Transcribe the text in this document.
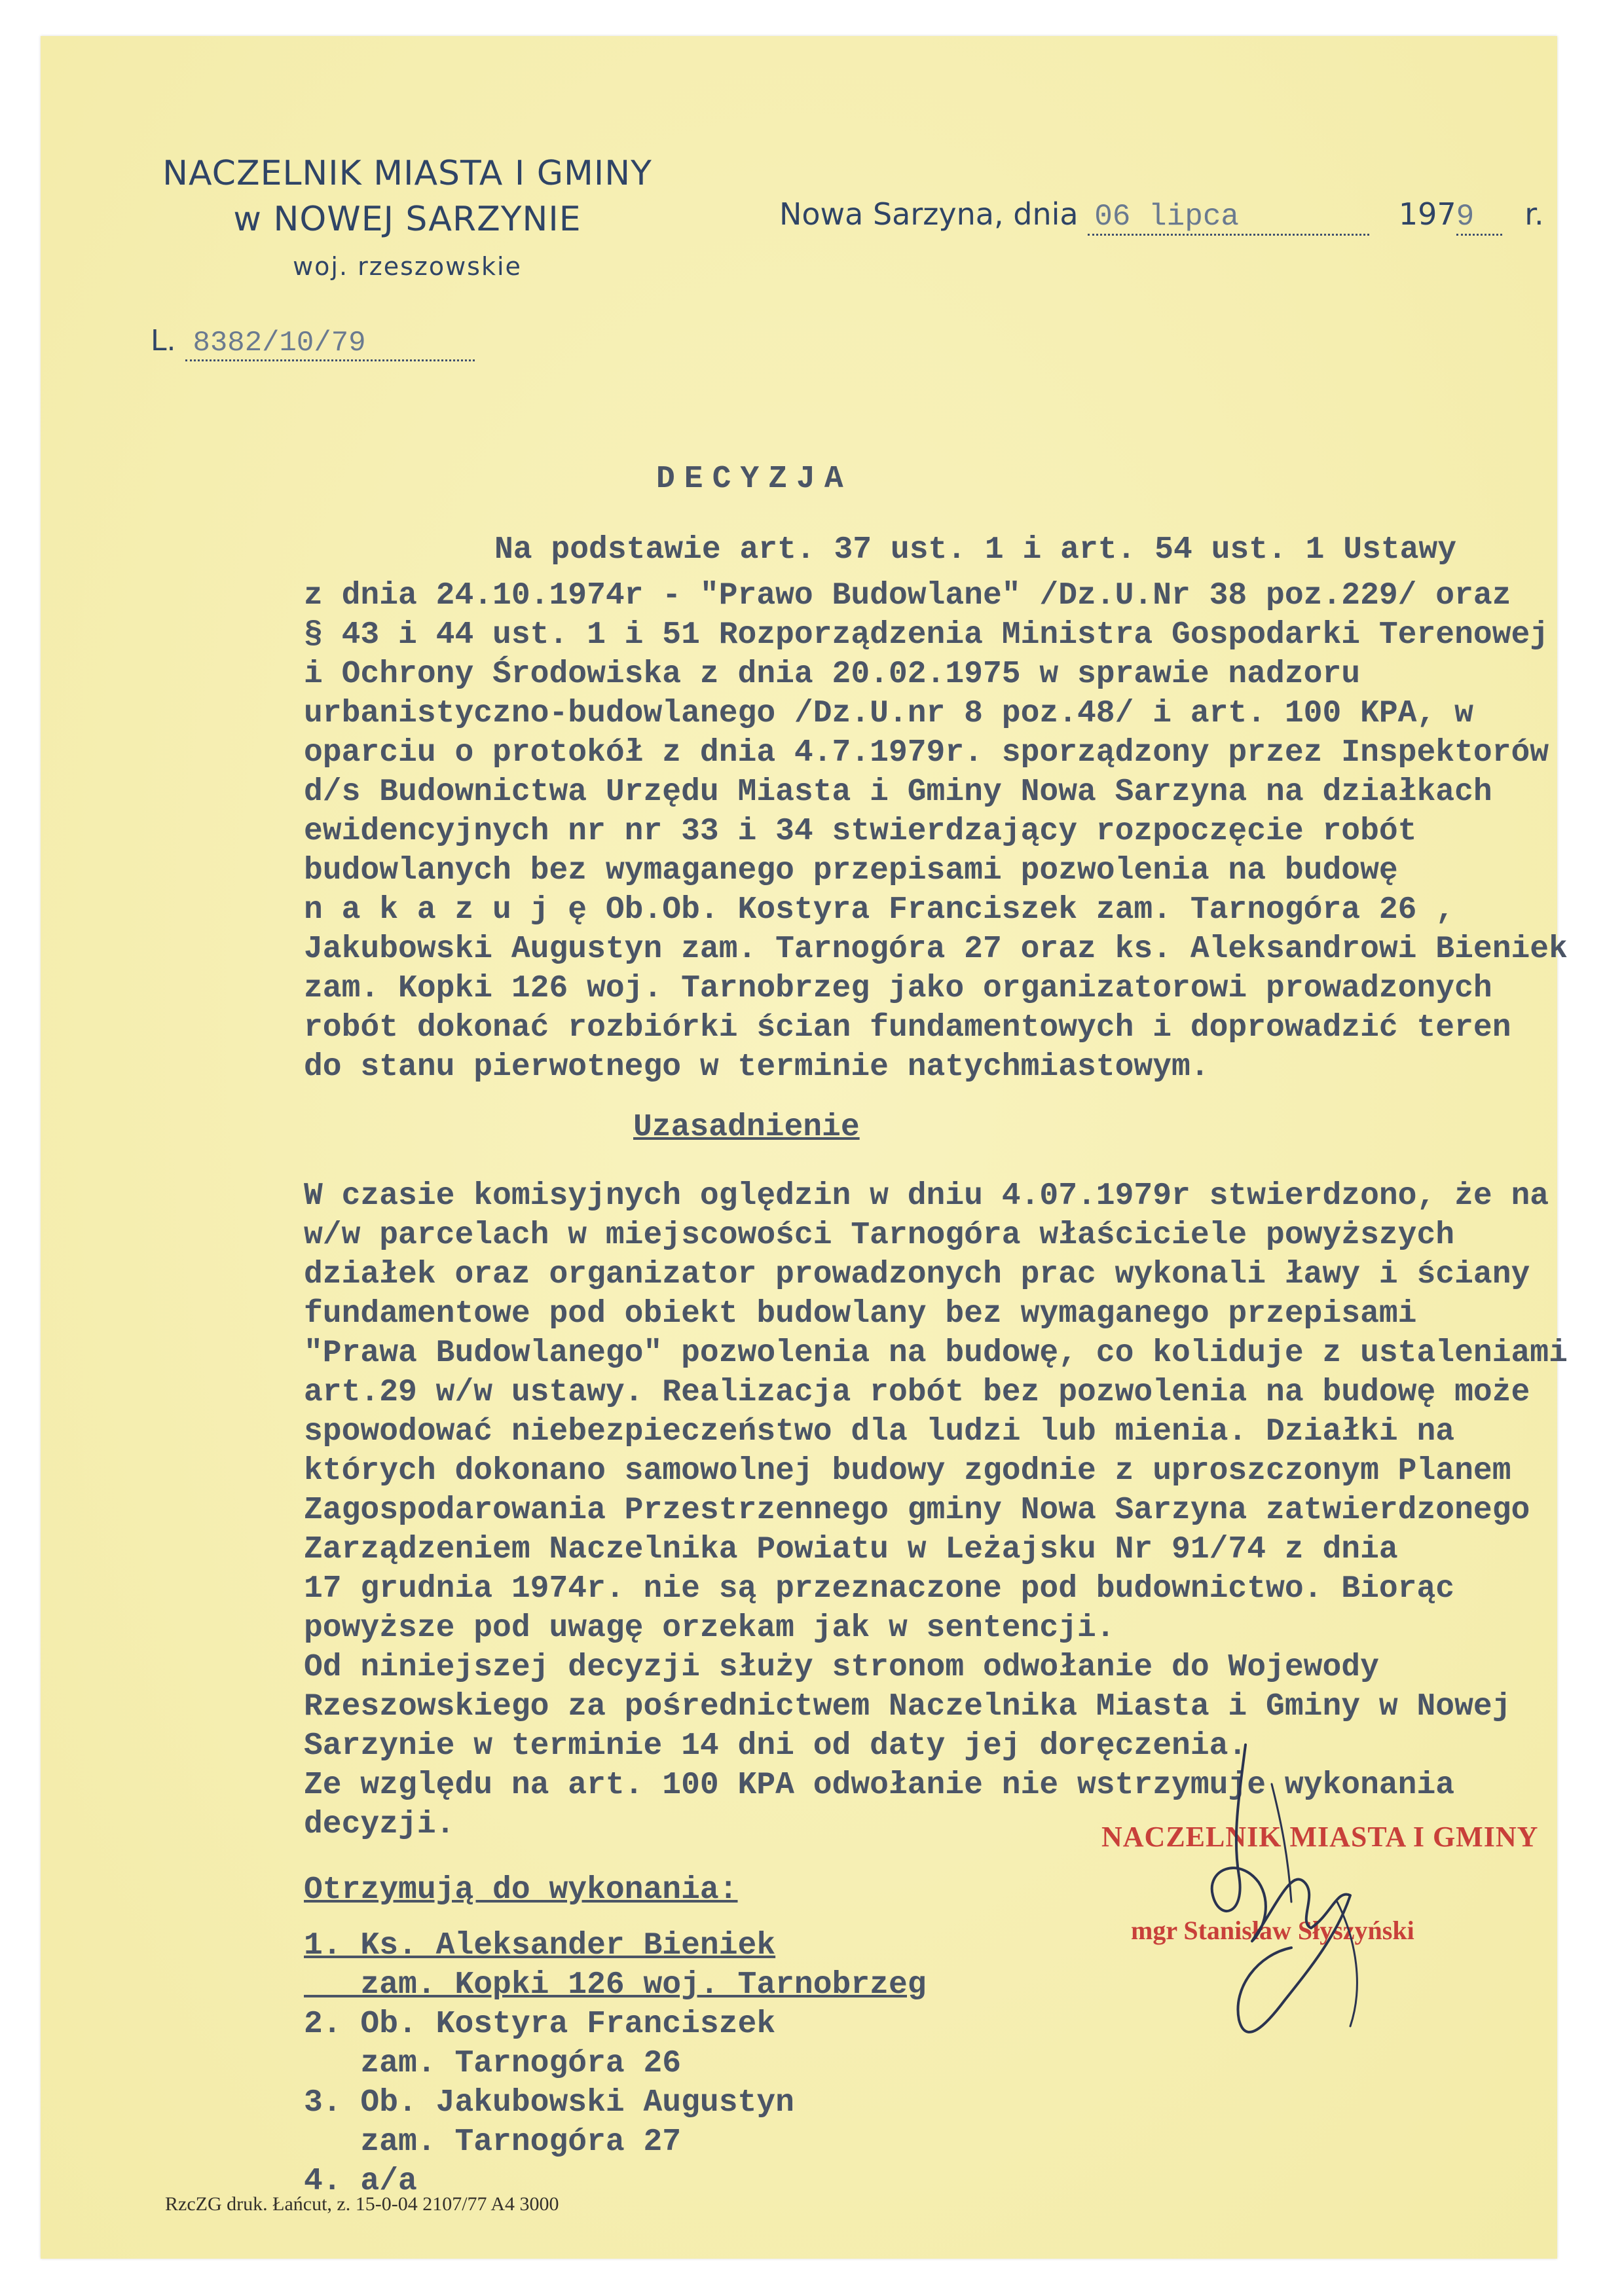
NACZELNIK MIASTA I GMINY
w NOWEJ SARZYNIE
woj. rzeszowskie
L. 8382/10/79
Nowa Sarzyna, dnia 06 lipca	1979 r.
DECYZJA
Na podstawie art. 37 ust. 1 i art. 54 ust. 1 Ustawy
z dnia 24.10.1974r - "Prawo Budowlane" /Dz.U.Nr 38 poz.229/ oraz
§ 43 i 44 ust. 1 i 51 Rozporządzenia Ministra Gospodarki Terenowej
i Ochrony Środowiska z dnia 20.02.1975 w sprawie nadzoru
urbanistyczno-budowlanego /Dz.U.nr 8 poz.48/ i art. 100 KPA, w
oparciu o protokół z dnia 4.7.1979r. sporządzony przez Inspektorów
d/s Budownictwa Urzędu Miasta i Gminy Nowa Sarzyna na działkach
ewidencyjnych nr nr 33 i 34 stwierdzający rozpoczęcie robót
budowlanych bez wymaganego przepisami pozwolenia na budowę
n a k a z u j ę Ob.Ob. Kostyra Franciszek zam. Tarnogóra 26 ,
Jakubowski Augustyn zam. Tarnogóra 27 oraz ks. Aleksandrowi Bieniek
zam. Kopki 126 woj. Tarnobrzeg jako organizatorowi prowadzonych
robót dokonać rozbiórki ścian fundamentowych i doprowadzić teren
do stanu pierwotnego w terminie natychmiastowym.
Uzasadnienie
W czasie komisyjnych oględzin w dniu 4.07.1979r stwierdzono, że na
w/w parcelach w miejscowości Tarnogóra właściciele powyższych
działek oraz organizator prowadzonych prac wykonali ławy i ściany
fundamentowe pod obiekt budowlany bez wymaganego przepisami
"Prawa Budowlanego" pozwolenia na budowę, co koliduje z ustaleniami
art.29 w/w ustawy. Realizacja robót bez pozwolenia na budowę może
spowodować niebezpieczeństwo dla ludzi lub mienia. Działki na
których dokonano samowolnej budowy zgodnie z uproszczonym Planem
Zagospodarowania Przestrzennego gminy Nowa Sarzyna zatwierdzonego
Zarządzeniem Naczelnika Powiatu w Leżajsku Nr 91/74 z dnia
17 grudnia 1974r. nie są przeznaczone pod budownictwo. Biorąc
powyższe pod uwagę orzekam jak w sentencji.
Od niniejszej decyzji służy stronom odwołanie do Wojewody
Rzeszowskiego za pośrednictwem Naczelnika Miasta i Gminy w Nowej
Sarzynie w terminie 14 dni od daty jej doręczenia.
Ze względu na art. 100 KPA odwołanie nie wstrzymuje wykonania
decyzji.
Otrzymują do wykonania:
1. Ks. Aleksander Bieniek
zam. Kopki 126 woj. Tarnobrzeg
2. Ob. Kostyra Franciszek
zam. Tarnogóra 26
3. Ob. Jakubowski Augustyn
zam. Tarnogóra 27
4. a/a
NACZELNIK MIASTA I GMINY
mgr Stanisław Słyszyński
RzcZG druk. Łańcut, z. 15-0-04 2107/77 A4 3000
